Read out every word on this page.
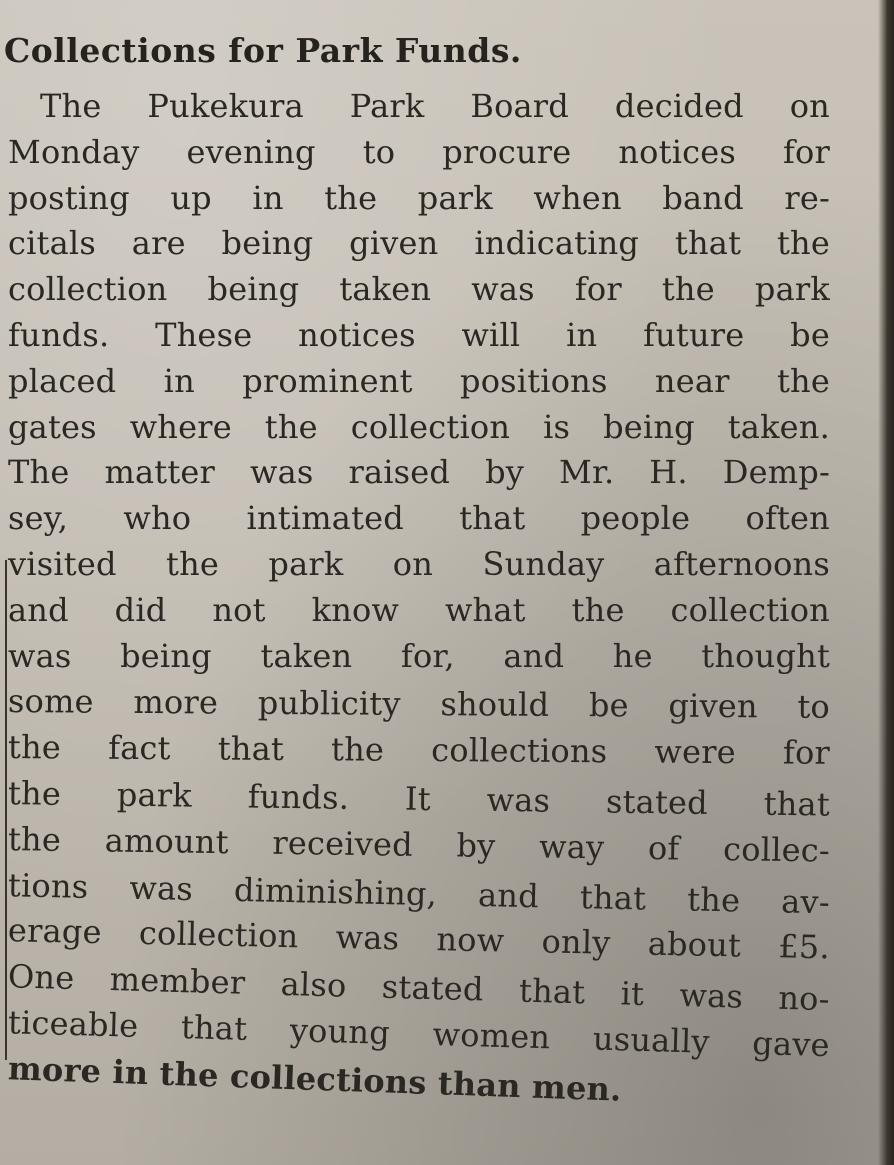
Collections for Park Funds.
The Pukekura Park Board decided on
Monday evening to procure notices for
posting up in the park when band re-
citals are being given indicating that the
collection being taken was for the park
funds. These notices will in future be
placed in prominent positions near the
gates where the collection is being taken.
The matter was raised by Mr. H. Demp-
sey, who intimated that people often
visited the park on Sunday afternoons
and did not know what the collection
was being taken for, and he thought
some more publicity should be given to
the fact that the collections were for
the park funds. It was stated that
the amount received by way of collec-
tions was diminishing, and that the av-
erage collection was now only about £5.
One member also stated that it was no-
ticeable that young women usually gave
more in the collections than men.
